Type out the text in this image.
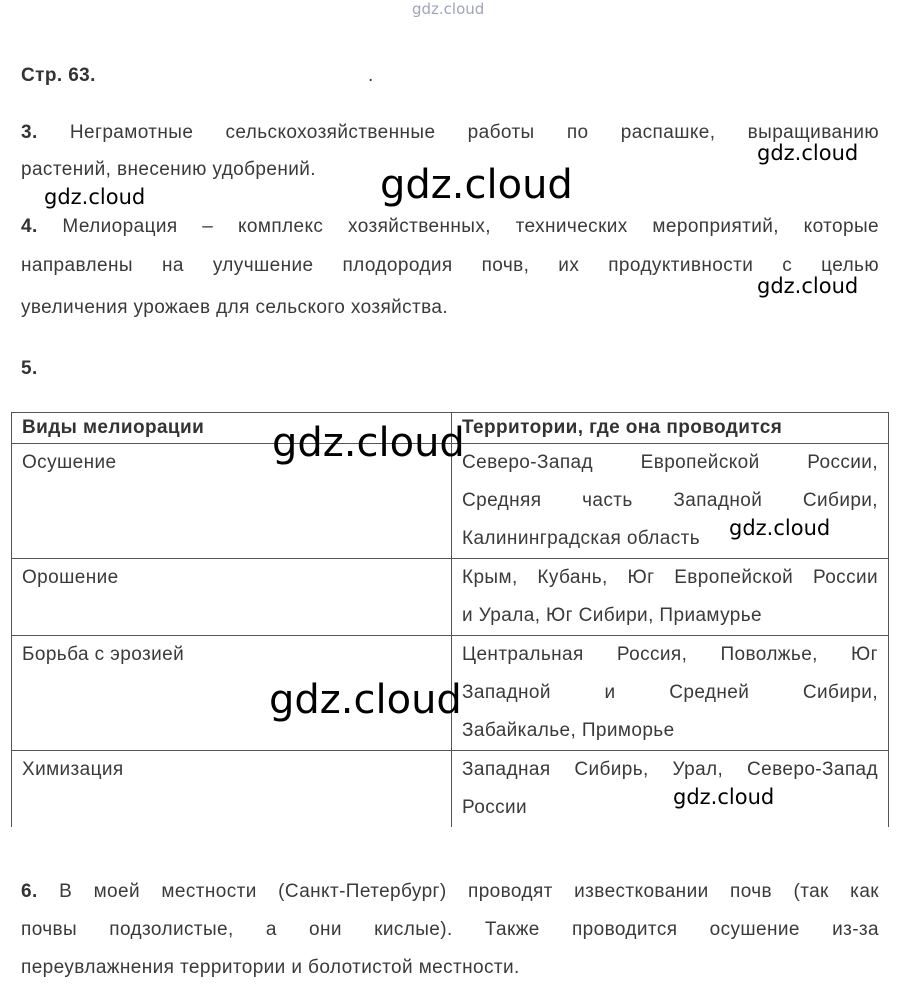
gdz.cloud
Стр. 63.	.
3. Неграмотные сельскохозяйственные работы по распашке, выращиванию
растений, внесению удобрений.
4. Мелиорация – комплекс хозяйственных, технических мероприятий, которые
направлены на улучшение плодородия почв, их продуктивности с целью
увеличения урожаев для сельского хозяйства.
5.
Виды мелиорации	Территории, где она проводится
Осушение	Северо-Запад Европейской России,
Средняя часть Западной Сибири,
Калининградская область

Орошение	Крым, Кубань, Юг Европейской России
и Урала, Юг Сибири, Приамурье

Борьба с эрозией	Центральная Россия, Поволжье, Юг
Западной и Средней Сибири,
Забайкалье, Приморье

Химизация	Западная Сибирь, Урал, Северо-Запад
России
6. В моей местности (Санкт-Петербург) проводят известковании почв (так как
почвы подзолистые, а они кислые). Также проводится осушение из-за
переувлажнения территории и болотистой местности.
gdz.cloud
gdz.cloud	gdz.cloud
gdz.cloud
gdz.cloud
gdz.cloud
gdz.cloud
gdz.cloud
